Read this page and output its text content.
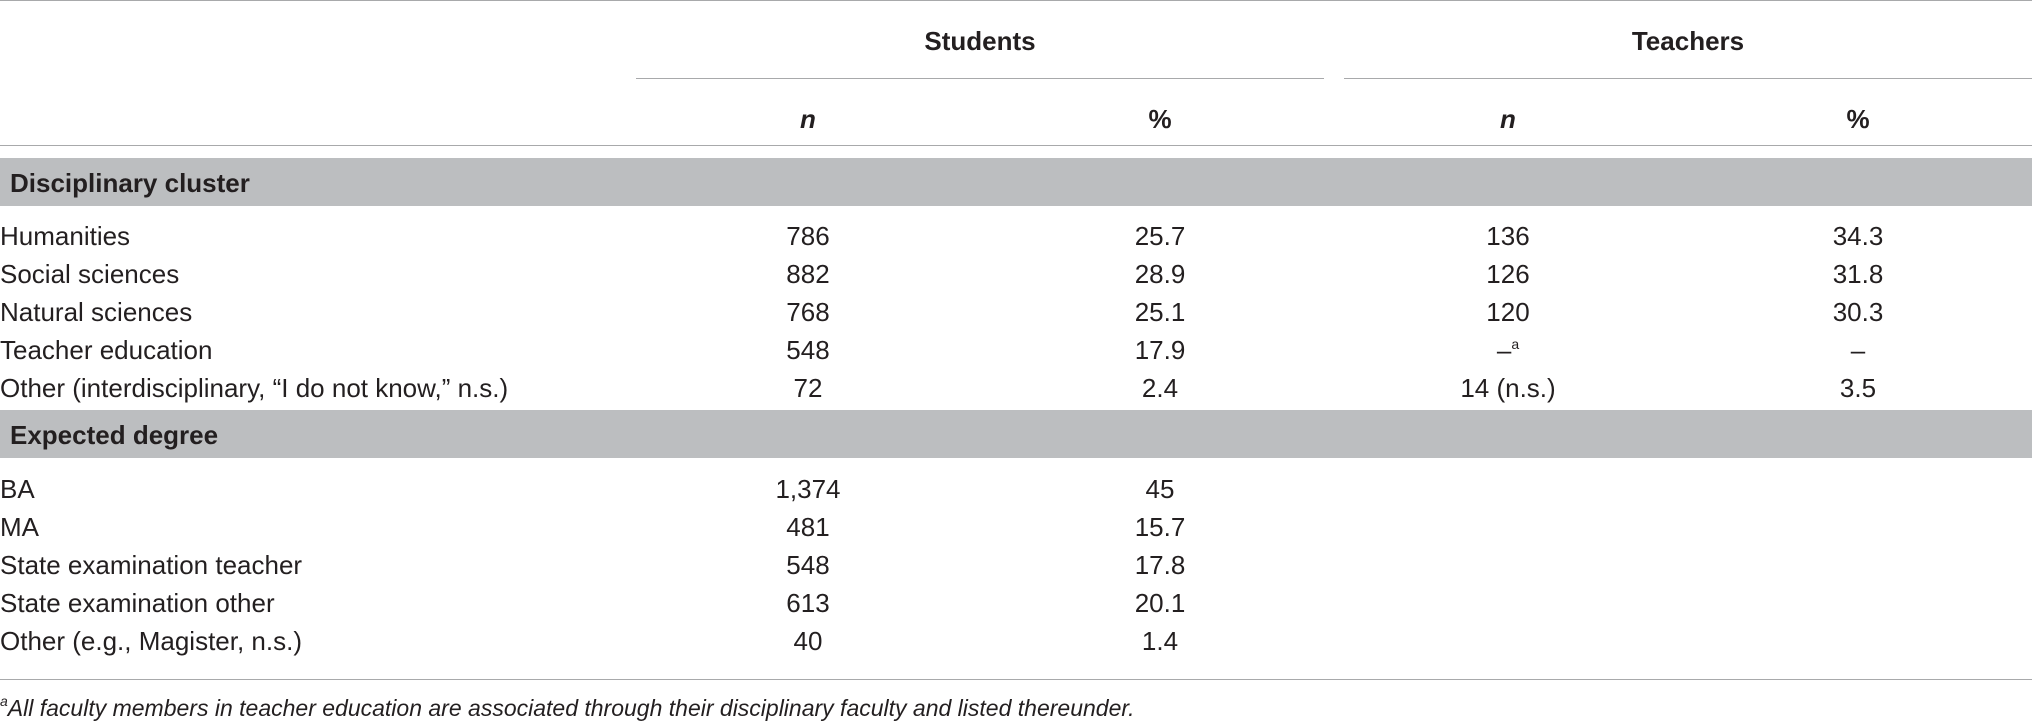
Students	Teachers
n	%	n	%
Disciplinary cluster
Humanities	786	25.7	136	34.3
Social sciences	882	28.9	126	31.8
Natural sciences	768	25.1	120	30.3
Teacher education	548	17.9	–$^a$	–
Other (interdisciplinary, “I do not know,” n.s.)	72	2.4	14 (n.s.)	3.5
Expected degree
BA	1,374	45
MA	481	15.7
State examination teacher	548	17.8
State examination other	613	20.1
Other (e.g., Magister, n.s.)	40	1.4
$^a$All faculty members in teacher education are associated through their disciplinary faculty and listed thereunder.
